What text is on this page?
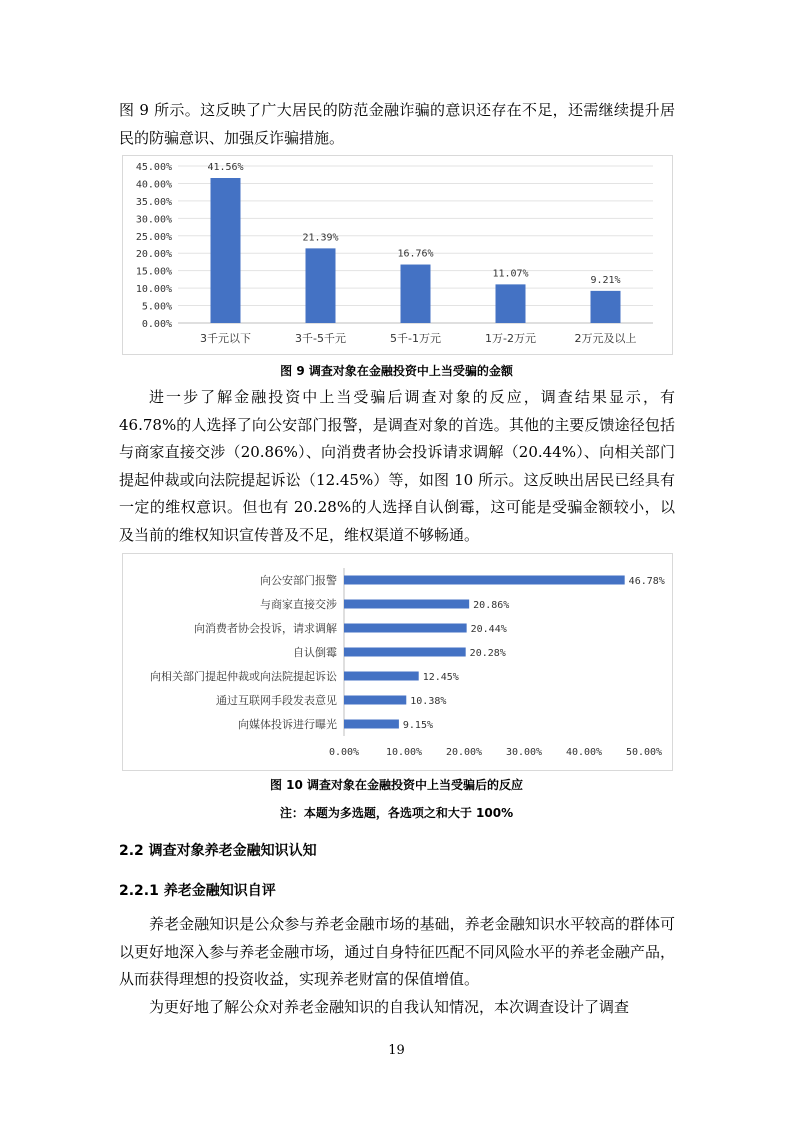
图 9 所示。这反映了广大居民的防范金融诈骗的意识还存在不足，还需继续提升居民的防骗意识、加强反诈骗措施。

0.00%
5.00%
10.00%
15.00%
20.00%
25.00%
30.00%
35.00%
40.00%
45.00%	41.56%
3千元以下
21.39%
3千-5千元
16.76%
5千-1万元
11.07%
1万-2万元
9.21%
2万元及以上
图 9 调查对象在金融投资中上当受骗的金额

进一步了解金融投资中上当受骗后调查对象的反应，调查结果显示，有 46.78%的人选择了向公安部门报警，是调查对象的首选。其他的主要反馈途径包括与商家直接交涉（20.86%）、向消费者协会投诉请求调解（20.44%）、向相关部门提起仲裁或向法院提起诉讼（12.45%）等，如图 10 所示。这反映出居民已经具有一定的维权意识。但也有 20.28%的人选择自认倒霉，这可能是受骗金额较小，以及当前的维权知识宣传普及不足，维权渠道不够畅通。

0.00%	10.00% 20.00% 30.00% 40.00% 50.00%
46.78%
向公安部门报警
20.86%
与商家直接交涉
20.44%
向消费者协会投诉，请求调解
20.28%
自认倒霉
12.45%
向相关部门提起仲裁或向法院提起诉讼
10.38%
通过互联网手段发表意见
9.15%
向媒体投诉进行曝光
图 10 调查对象在金融投资中上当受骗后的反应
注：本题为多选题，各选项之和大于 100%
2.2 调查对象养老金融知识认知
2.2.1 养老金融知识自评

养老金融知识是公众参与养老金融市场的基础，养老金融知识水平较高的群体可以更好地深入参与养老金融市场，通过自身特征匹配不同风险水平的养老金融产品，从而获得理想的投资收益，实现养老财富的保值增值。

为更好地了解公众对养老金融知识的自我认知情况，本次调查设计了调查

19
